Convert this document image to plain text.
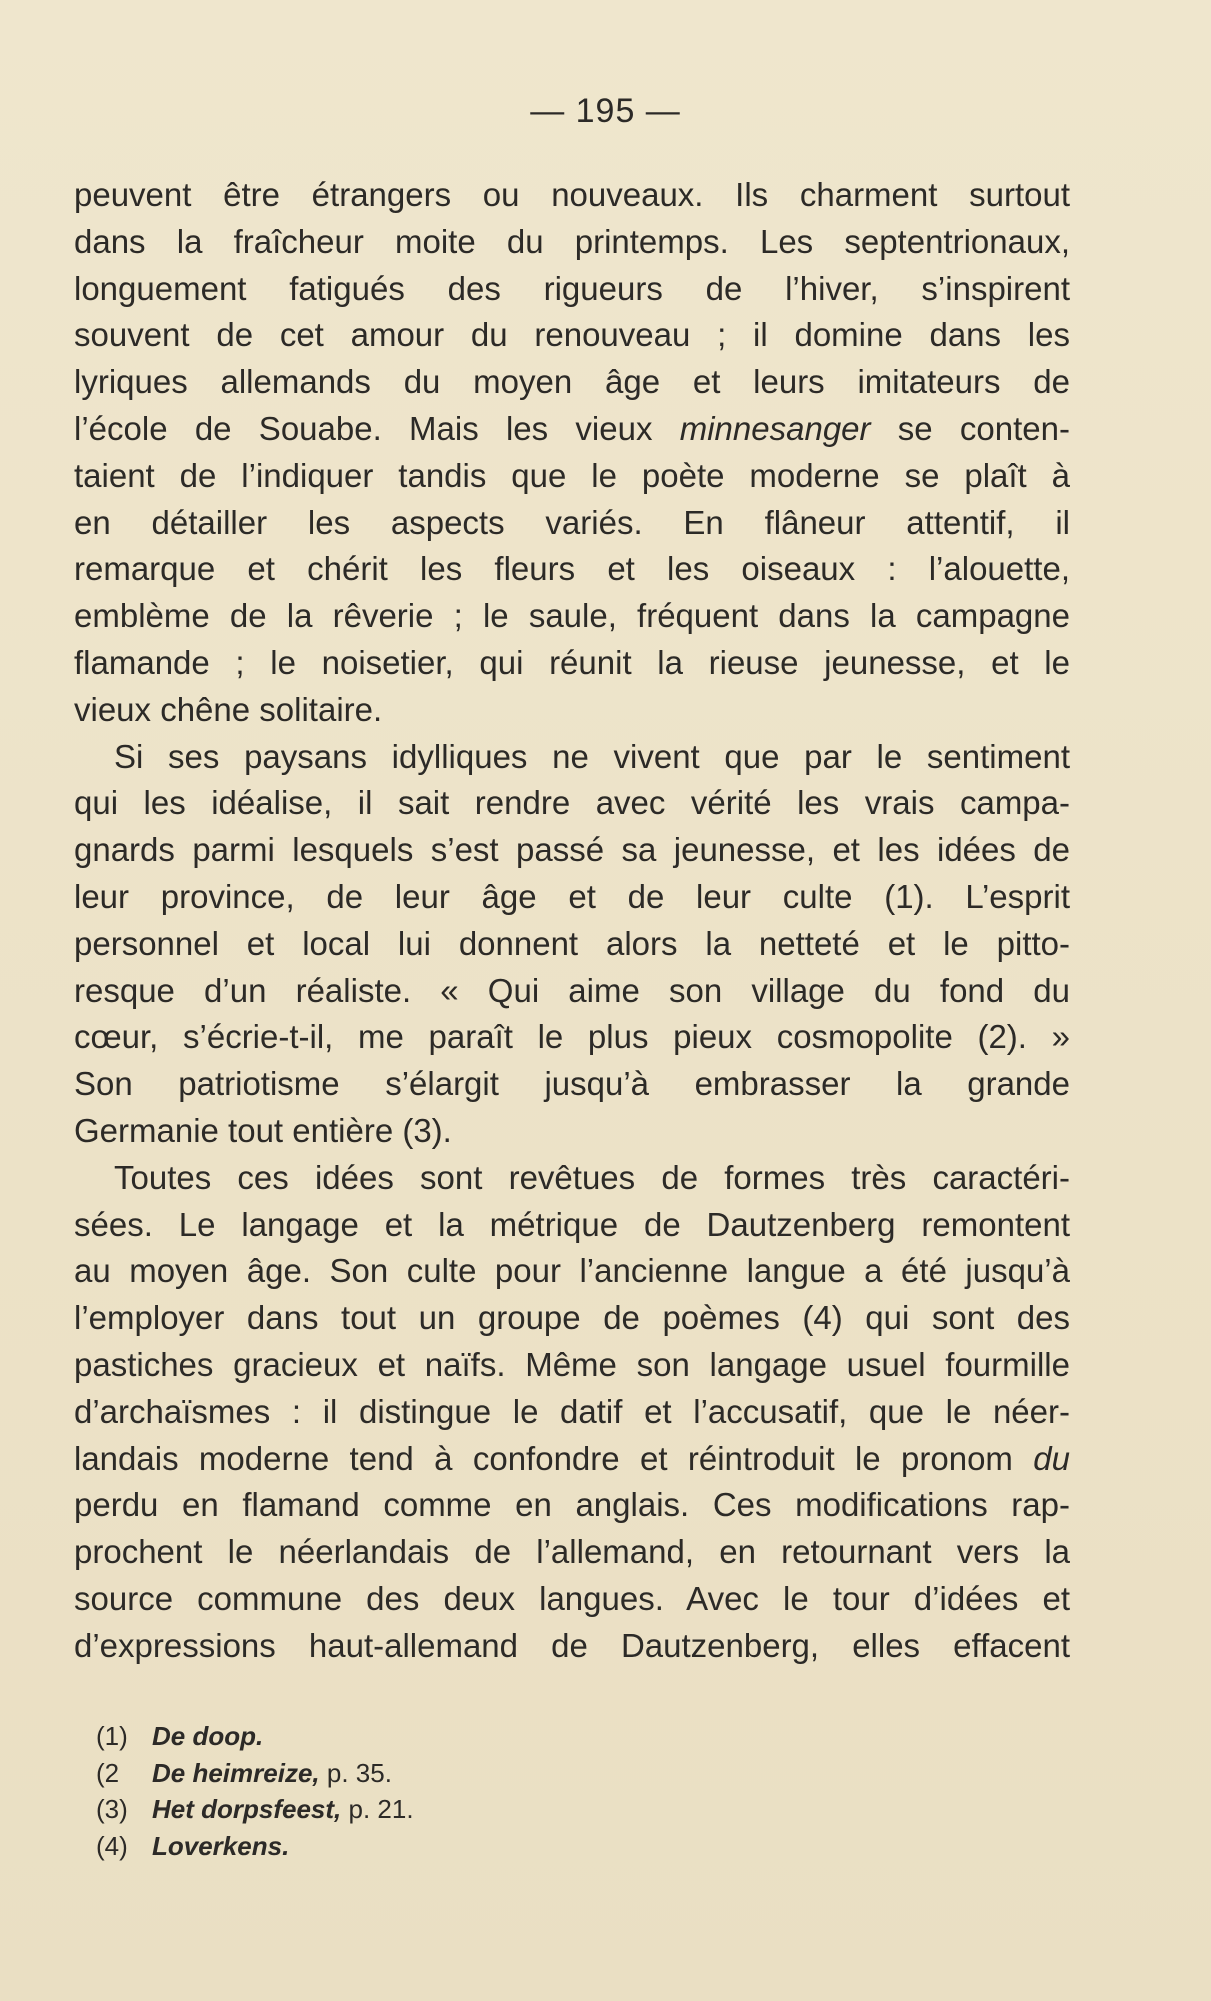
— 195 —
peuvent être étrangers ou nouveaux. Ils charment surtout
dans la fraîcheur moite du printemps. Les septentrionaux,
longuement fatigués des rigueurs de l’hiver, s’inspirent
souvent de cet amour du renouveau ; il domine dans les
lyriques allemands du moyen âge et leurs imitateurs de
l’école de Souabe. Mais les vieux minnesanger se conten-
taient de l’indiquer tandis que le poète moderne se plaît à
en détailler les aspects variés. En flâneur attentif, il
remarque et chérit les fleurs et les oiseaux : l’alouette,
emblème de la rêverie ; le saule, fréquent dans la campagne
flamande ; le noisetier, qui réunit la rieuse jeunesse, et le
vieux chêne solitaire.
Si ses paysans idylliques ne vivent que par le sentiment
qui les idéalise, il sait rendre avec vérité les vrais campa-
gnards parmi lesquels s’est passé sa jeunesse, et les idées de
leur province, de leur âge et de leur culte (1). L’esprit
personnel et local lui donnent alors la netteté et le pitto-
resque d’un réaliste. « Qui aime son village du fond du
cœur, s’écrie-t-il, me paraît le plus pieux cosmopolite (2). »
Son patriotisme s’élargit jusqu’à embrasser la grande
Germanie tout entière (3).
Toutes ces idées sont revêtues de formes très caractéri-
sées. Le langage et la métrique de Dautzenberg remontent
au moyen âge. Son culte pour l’ancienne langue a été jusqu’à
l’employer dans tout un groupe de poèmes (4) qui sont des
pastiches gracieux et naïfs. Même son langage usuel fourmille
d’archaïsmes : il distingue le datif et l’accusatif, que le néer-
landais moderne tend à confondre et réintroduit le pronom du
perdu en flamand comme en anglais. Ces modifications rap-
prochent le néerlandais de l’allemand, en retournant vers la
source commune des deux langues. Avec le tour d’idées et
d’expressions haut-allemand de Dautzenberg, elles effacent
(1) De doop.
(2 De heimreize, p. 35.
(3) Het dorpsfeest, p. 21.
(4) Loverkens.
